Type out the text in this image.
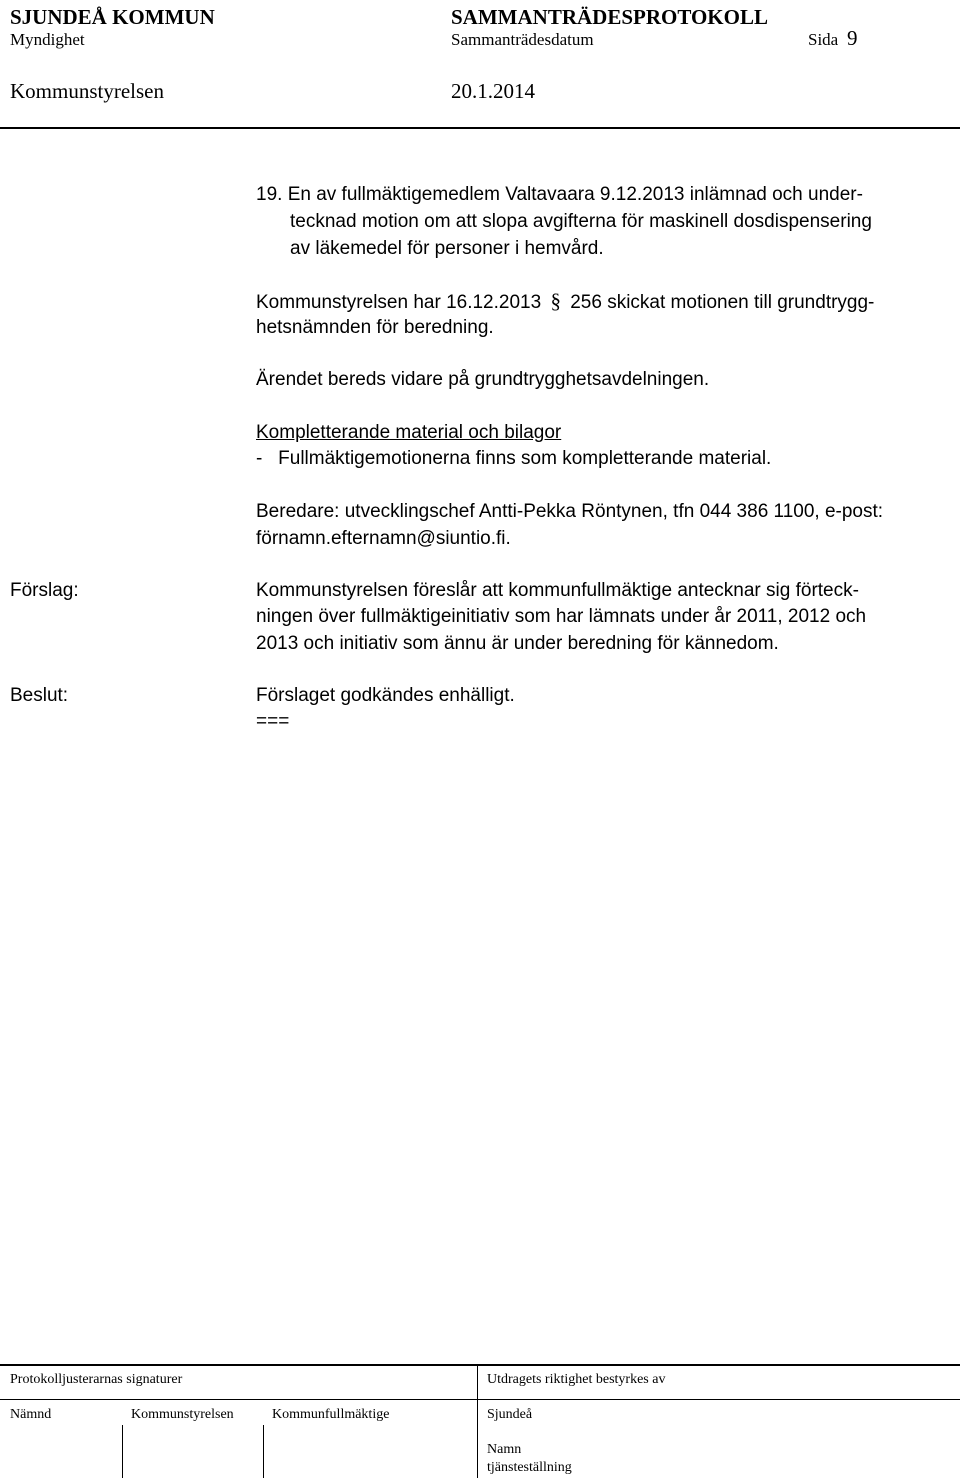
SJUNDEÅ KOMMUN	SAMMANTRÄDESPROTOKOLL
Myndighet	Sammanträdesdatum	Sida 9
Kommunstyrelsen	20.1.2014
19. En av fullmäktigemedlem Valtavaara 9.12.2013 inlämnad och under-
tecknad motion om att slopa avgifterna för maskinell dosdispensering
av läkemedel för personer i hemvård.
Kommunstyrelsen har 16.12.2013 § 256 skickat motionen till grundtrygg-
hetsnämnden för beredning.
Ärendet bereds vidare på grundtrygghetsavdelningen.
Kompletterande material och bilagor
-   Fullmäktigemotionerna finns som kompletterande material.
Beredare: utvecklingschef Antti-Pekka Röntynen, tfn 044 386 1100, e-post:
förnamn.efternamn@siuntio.fi.
Förslag:	Kommunstyrelsen föreslår att kommunfullmäktige antecknar sig förteck-
ningen över fullmäktigeinitiativ som har lämnats under år 2011, 2012 och
2013 och initiativ som ännu är under beredning för kännedom.
Beslut:	Förslaget godkändes enhälligt.
===
Protokolljusterarnas signaturer	Utdragets riktighet bestyrkes av
Nämnd	Kommunstyrelsen	Kommunfullmäktige	Sjundeå
Namn
tjänsteställning
